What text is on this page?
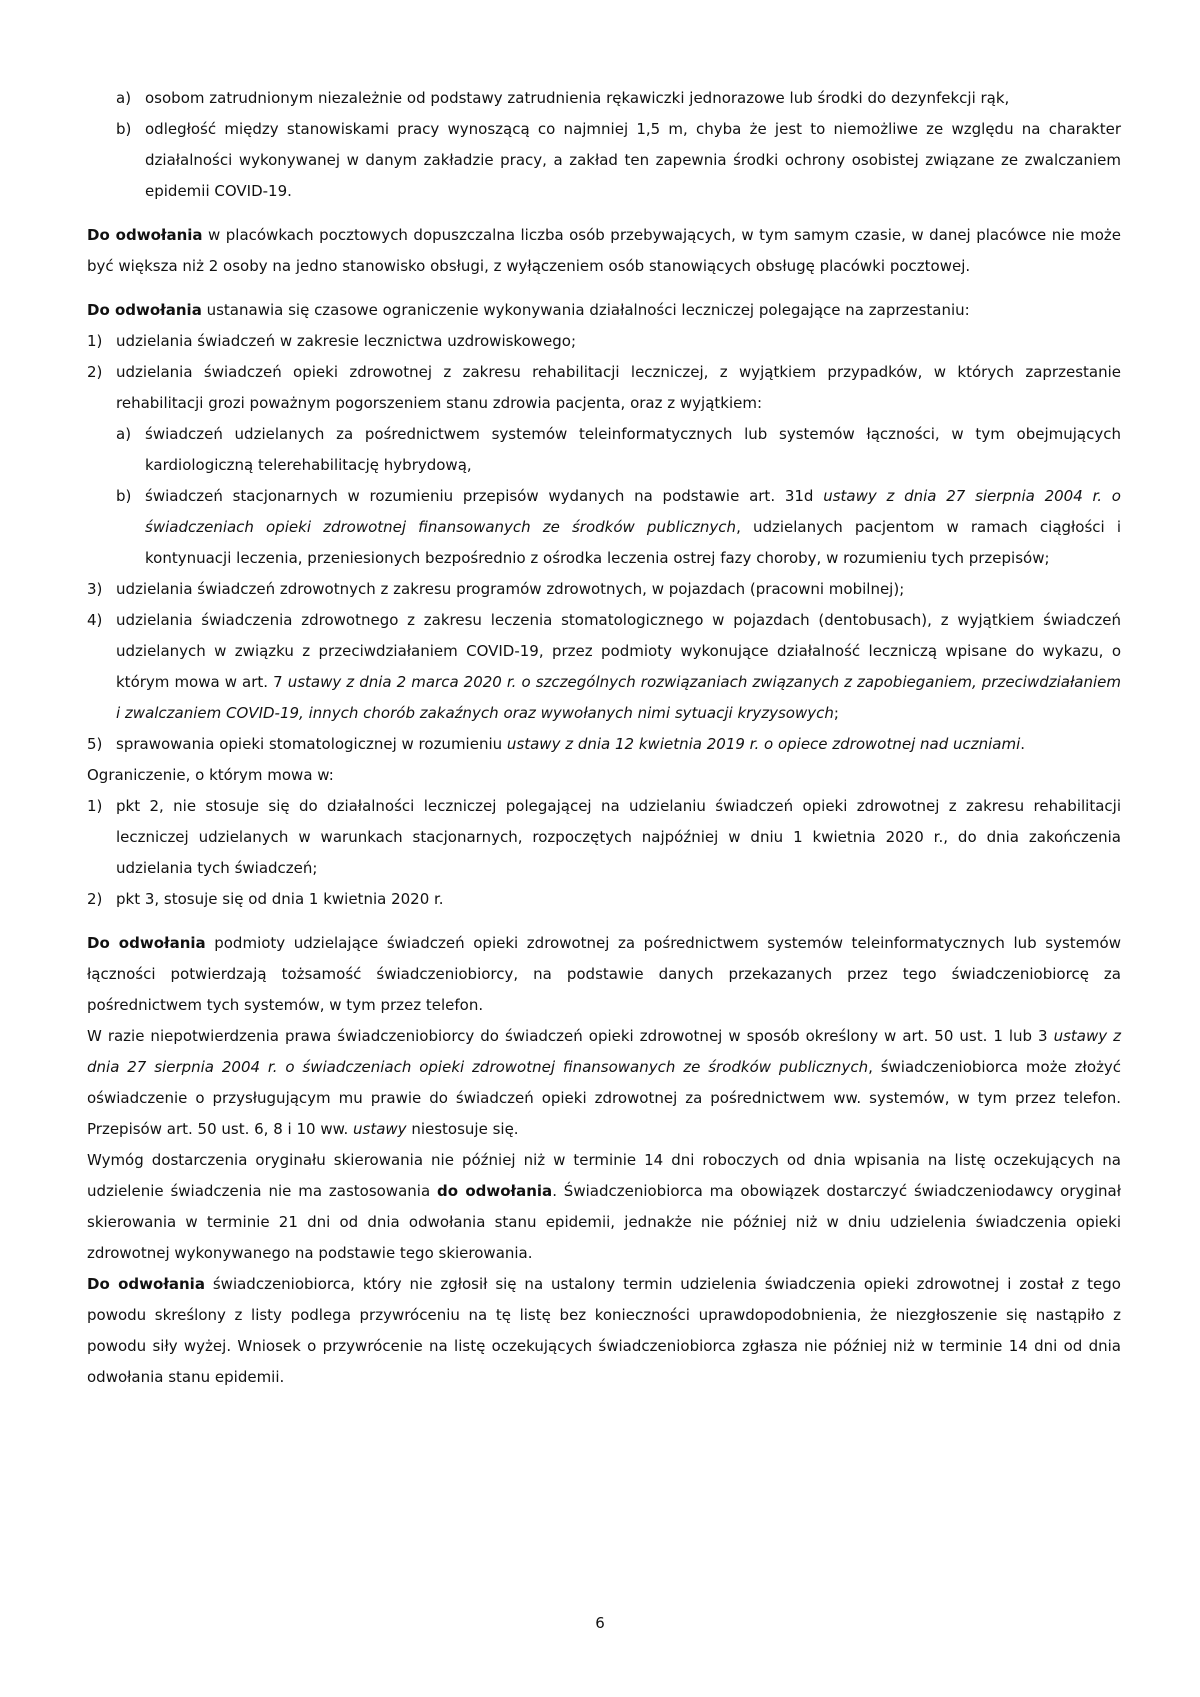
a) osobom zatrudnionym niezależnie od podstawy zatrudnienia rękawiczki jednorazowe lub środki do dezynfekcji rąk,
b) odległość między stanowiskami pracy wynoszącą co najmniej 1,5 m, chyba że jest to niemożliwe ze względu na charakter działalności wykonywanej w danym zakładzie pracy, a zakład ten zapewnia środki ochrony osobistej związane ze zwalczaniem epidemii COVID-19.

Do odwołania w placówkach pocztowych dopuszczalna liczba osób przebywających, w tym samym czasie, w danej placówce nie może być większa niż 2 osoby na jedno stanowisko obsługi, z wyłączeniem osób stanowiących obsługę placówki pocztowej.

Do odwołania ustanawia się czasowe ograniczenie wykonywania działalności leczniczej polegające na zaprzestaniu:

1) udzielania świadczeń w zakresie lecznictwa uzdrowiskowego;
2) udzielania świadczeń opieki zdrowotnej z zakresu rehabilitacji leczniczej, z wyjątkiem przypadków, w których zaprzestanie rehabilitacji grozi poważnym pogorszeniem stanu zdrowia pacjenta, oraz z wyjątkiem:
a) świadczeń udzielanych za pośrednictwem systemów teleinformatycznych lub systemów łączności, w tym obejmujących kardiologiczną telerehabilitację hybrydową,
b) świadczeń stacjonarnych w rozumieniu przepisów wydanych na podstawie art. 31d ustawy z dnia 27 sierpnia 2004 r. o świadczeniach opieki zdrowotnej finansowanych ze środków publicznych, udzielanych pacjentom w ramach ciągłości i kontynuacji leczenia, przeniesionych bezpośrednio z ośrodka leczenia ostrej fazy choroby, w rozumieniu tych przepisów;
3) udzielania świadczeń zdrowotnych z zakresu programów zdrowotnych, w pojazdach (pracowni mobilnej);
4) udzielania świadczenia zdrowotnego z zakresu leczenia stomatologicznego w pojazdach (dentobusach), z wyjątkiem świadczeń udzielanych w związku z przeciwdziałaniem COVID-19, przez podmioty wykonujące działalność leczniczą wpisane do wykazu, o którym mowa w art. 7 ustawy z dnia 2 marca 2020 r. o szczególnych rozwiązaniach związanych z zapobieganiem, przeciwdziałaniem i zwalczaniem COVID-19, innych chorób zakaźnych oraz wywołanych nimi sytuacji kryzysowych;
5) sprawowania opieki stomatologicznej w rozumieniu ustawy z dnia 12 kwietnia 2019 r. o opiece zdrowotnej nad uczniami.

Ograniczenie, o którym mowa w:

1) pkt 2, nie stosuje się do działalności leczniczej polegającej na udzielaniu świadczeń opieki zdrowotnej z zakresu rehabilitacji leczniczej udzielanych w warunkach stacjonarnych, rozpoczętych najpóźniej w dniu 1 kwietnia 2020 r., do dnia zakończenia udzielania tych świadczeń;
2) pkt 3, stosuje się od dnia 1 kwietnia 2020 r.

Do odwołania podmioty udzielające świadczeń opieki zdrowotnej za pośrednictwem systemów teleinformatycznych lub systemów łączności potwierdzają tożsamość świadczeniobiorcy, na podstawie danych przekazanych przez tego świadczeniobiorcę za pośrednictwem tych systemów, w tym przez telefon.

W razie niepotwierdzenia prawa świadczeniobiorcy do świadczeń opieki zdrowotnej w sposób określony w art. 50 ust. 1 lub 3 ustawy z dnia 27 sierpnia 2004 r. o świadczeniach opieki zdrowotnej finansowanych ze środków publicznych, świadczeniobiorca może złożyć oświadczenie o przysługującym mu prawie do świadczeń opieki zdrowotnej za pośrednictwem ww. systemów, w tym przez telefon. Przepisów art. 50 ust. 6, 8 i 10 ww. ustawy niestosuje się.

Wymóg dostarczenia oryginału skierowania nie później niż w terminie 14 dni roboczych od dnia wpisania na listę oczekujących na udzielenie świadczenia nie ma zastosowania do odwołania. Świadczeniobiorca ma obowiązek dostarczyć świadczeniodawcy oryginał skierowania w terminie 21 dni od dnia odwołania stanu epidemii, jednakże nie później niż w dniu udzielenia świadczenia opieki zdrowotnej wykonywanego na podstawie tego skierowania.

Do odwołania świadczeniobiorca, który nie zgłosił się na ustalony termin udzielenia świadczenia opieki zdrowotnej i został z tego powodu skreślony z listy podlega przywróceniu na tę listę bez konieczności uprawdopodobnienia, że niezgłoszenie się nastąpiło z powodu siły wyżej. Wniosek o przywrócenie na listę oczekujących świadczeniobiorca zgłasza nie później niż w terminie 14 dni od dnia odwołania stanu epidemii.

6
